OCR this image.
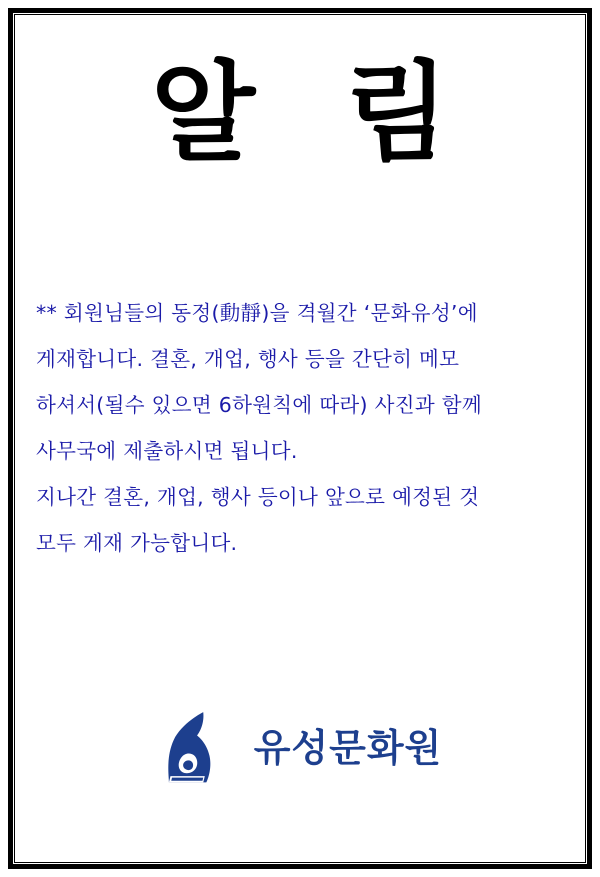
알 림

** 회원님들의 동정(動靜)을 격월간 ‘문화유성’에

게재합니다. 결혼, 개업, 행사 등을 간단히 메모

하셔서(될수 있으면 6하원칙에 따라) 사진과 함께

사무국에 제출하시면 됩니다.

지나간 결혼, 개업, 행사 등이나 앞으로 예정된 것

모두 게재 가능합니다.

유성문화원
